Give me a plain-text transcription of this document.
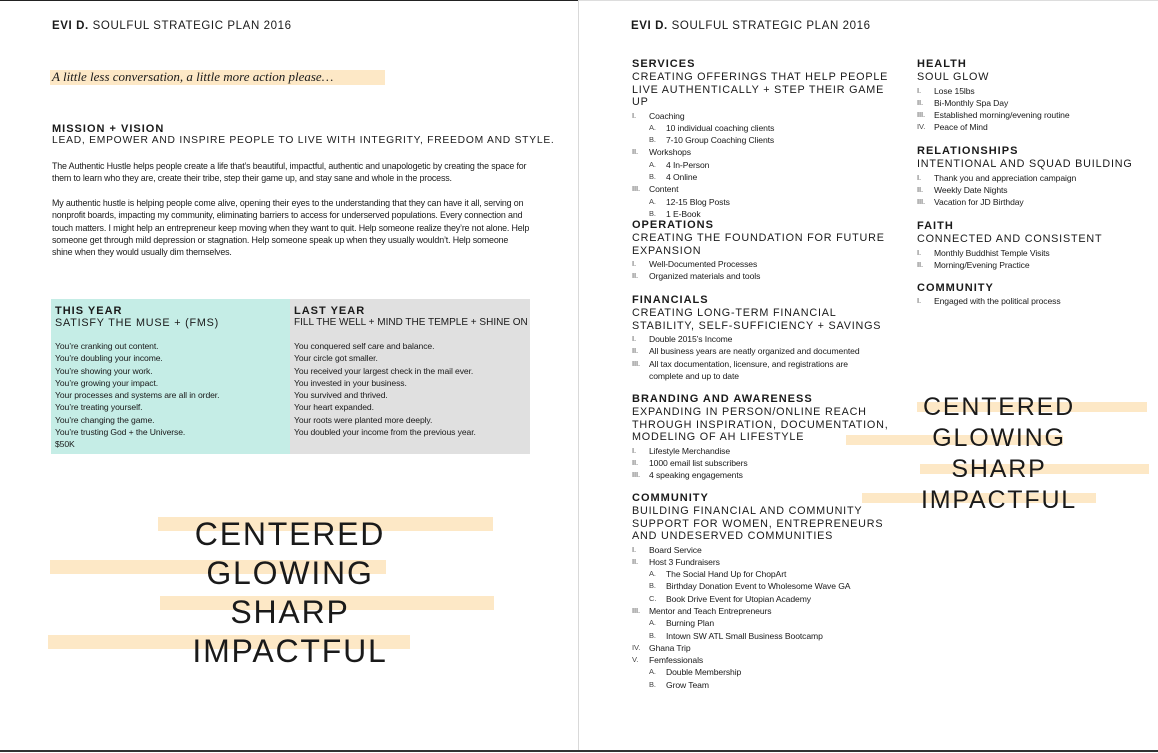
EVI D. SOULFUL STRATEGIC PLAN 2016
A little less conversation, a little more action please…
MISSION + VISION
LEAD, EMPOWER AND INSPIRE PEOPLE TO LIVE WITH INTEGRITY, FREEDOM AND STYLE.
The Authentic Hustle helps people create a life that’s beautiful, impactful, authentic and unapologetic by creating the space for them to learn who they are, create their tribe, step their game up, and stay sane and whole in the process.
My authentic hustle is helping people come alive, opening their eyes to the understanding that they can have it all, serving on nonprofit boards, impacting my community, eliminating barriers to access for underserved populations. Every connection and touch matters. I might help an entrepreneur keep moving when they want to quit. Help someone realize they’re not alone. Help someone get through mild depression or stagnation. Help someone speak up when they usually wouldn’t. Help someone shine when they would usually dim themselves.
THIS YEAR
SATISFY THE MUSE + (FMS)
You’re cranking out content.
You’re doubling your income.
You’re showing your work.
You’re growing your impact.
Your processes and systems are all in order.
You’re treating yourself.
You’re changing the game.
You’re trusting God + the Universe.
$50K
LAST YEAR
FILL THE WELL + MIND THE TEMPLE + SHINE ON
You conquered self care and balance.
Your circle got smaller.
You received your largest check in the mail ever.
You invested in your business.
You survived and thrived.
Your heart expanded.
Your roots were planted more deeply.
You doubled your income from the previous year.
CENTERED
GLOWING
SHARP
IMPACTFUL
EVI D. SOULFUL STRATEGIC PLAN 2016
SERVICES
CREATING OFFERINGS THAT HELP PEOPLE LIVE AUTHENTICALLY + STEP THEIR GAME UP
I. Coaching
A. 10 individual coaching clients
B. 7-10 Group Coaching Clients
II. Workshops
A. 4 In-Person
B. 4 Online
III. Content
A. 12-15 Blog Posts
B. 1 E-Book
OPERATIONS
CREATING THE FOUNDATION FOR FUTURE EXPANSION
I. Well-Documented Processes
II. Organized materials and tools
FINANCIALS
CREATING LONG-TERM FINANCIAL STABILITY, SELF-SUFFICIENCY + SAVINGS
I. Double 2015’s Income
II. All business years are neatly organized and documented
III. All tax documentation, licensure, and registrations are
complete and up to date
BRANDING AND AWARENESS
EXPANDING IN PERSON/ONLINE REACH THROUGH INSPIRATION, DOCUMENTATION, MODELING OF AH LIFESTYLE
I. Lifestyle Merchandise
II. 1000 email list subscribers
III. 4 speaking engagements
COMMUNITY
BUILDING FINANCIAL AND COMMUNITY SUPPORT FOR WOMEN, ENTREPRENEURS AND UNDESERVED COMMUNITIES
I. Board Service
II. Host 3 Fundraisers
A. The Social Hand Up for ChopArt
B. Birthday Donation Event to Wholesome Wave GA
C. Book Drive Event for Utopian Academy
III. Mentor and Teach Entrepreneurs
A. Burning Plan
B. Intown SW ATL Small Business Bootcamp
IV. Ghana Trip
V. Femfessionals
A. Double Membership
B. Grow Team
HEALTH
SOUL GLOW
I. Lose 15lbs
II. Bi-Monthly Spa Day
III. Established morning/evening routine
IV. Peace of Mind
RELATIONSHIPS
INTENTIONAL AND SQUAD BUILDING
I. Thank you and appreciation campaign
II. Weekly Date Nights
III. Vacation for JD Birthday
FAITH
CONNECTED AND CONSISTENT
I. Monthly Buddhist Temple Visits
II. Morning/Evening Practice
COMMUNITY
I. Engaged with the political process
CENTERED
GLOWING
SHARP
IMPACTFUL
